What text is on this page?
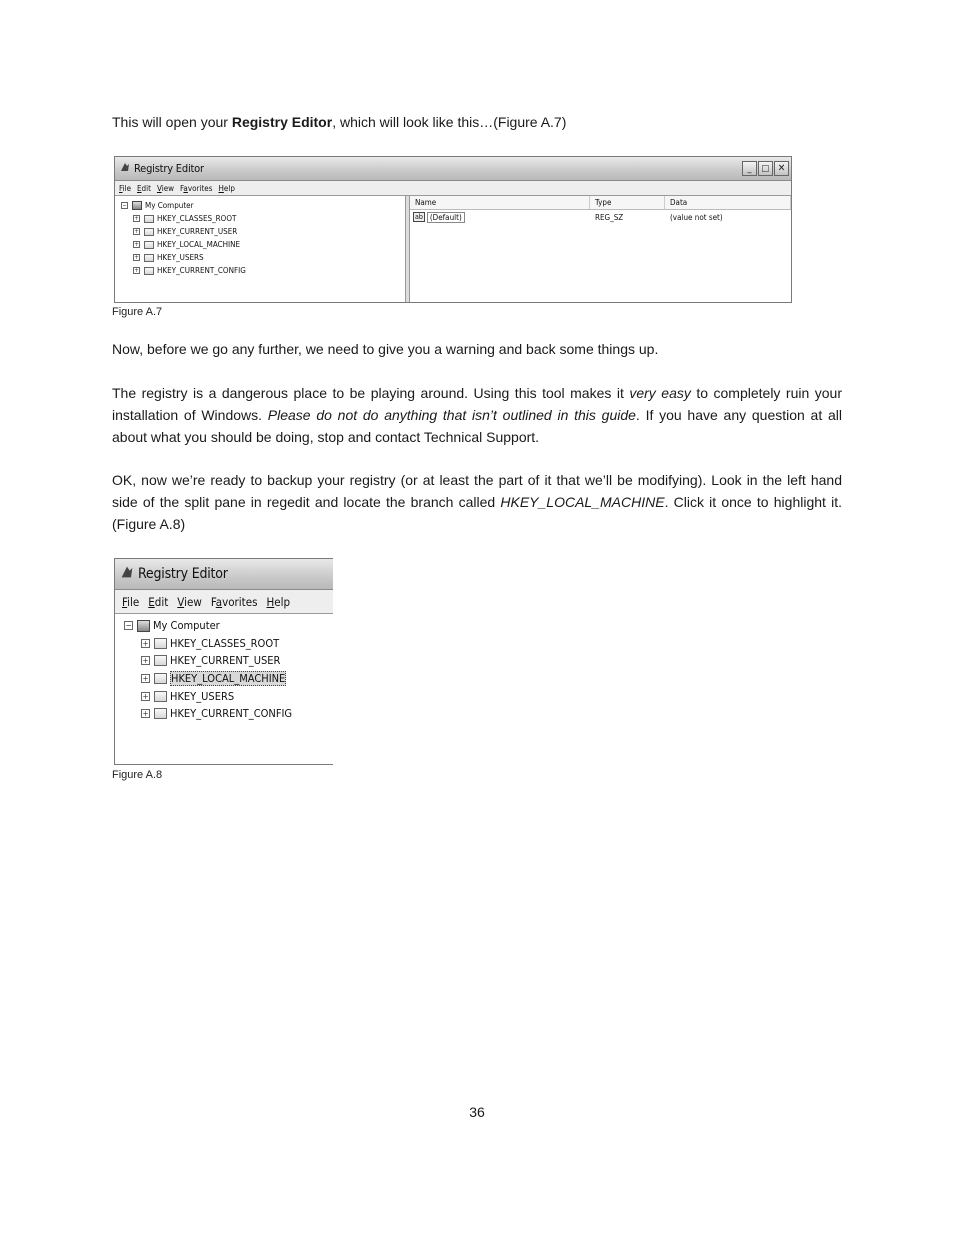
This will open your Registry Editor, which will look like this…(Figure A.7)

Registry Editor	_ □ ✕
File Edit View Favorites Help
− My Computer
+ HKEY_CLASSES_ROOT
+ HKEY_CURRENT_USER
+ HKEY_LOCAL_MACHINE
+ HKEY_USERS
+ HKEY_CURRENT_CONFIG
Name	Type	Data
ab (Default)	REG_SZ	(value not set)
Figure A.7

Now, before we go any further, we need to give you a warning and back some things up.

The registry is a dangerous place to be playing around. Using this tool makes it very easy to completely ruin your installation of Windows. Please do not do anything that isn’t outlined in this guide. If you have any question at all about what you should be doing, stop and contact Technical Support.

OK, now we’re ready to backup your registry (or at least the part of it that we’ll be modifying). Look in the left hand side of the split pane in regedit and locate the branch called HKEY_LOCAL_MACHINE. Click it once to highlight it. (Figure A.8)

Registry Editor
File Edit View Favorites Help
− My Computer
+ HKEY_CLASSES_ROOT
+ HKEY_CURRENT_USER
+ HKEY_LOCAL_MACHINE
+ HKEY_USERS
+ HKEY_CURRENT_CONFIG
Figure A.8
36
